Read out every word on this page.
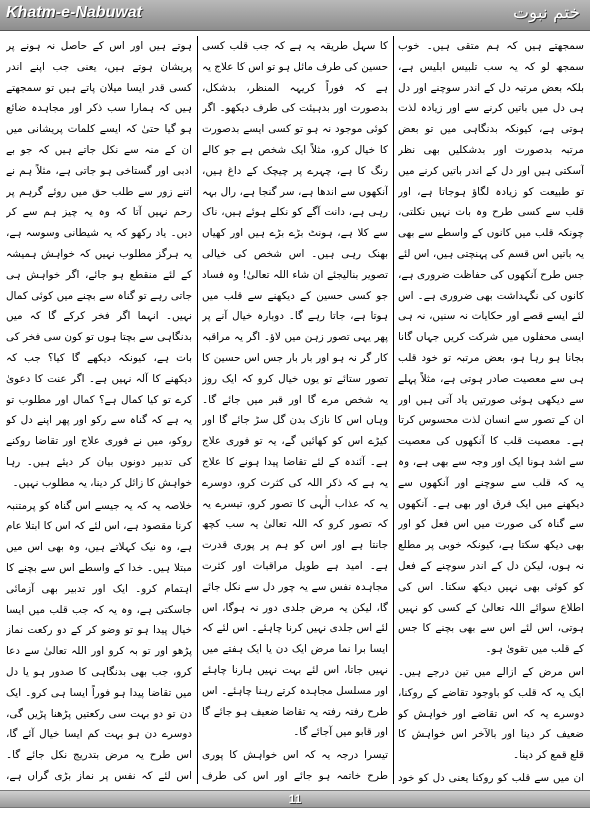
Khatm-e-Nabuwat	ختم نبوت

سمجھتے ہیں کہ ہم متقی ہیں۔ خوب سمجھ لو کہ یہ سب تلبیس ابلیس ہے، بلکہ بعض مرتبہ دل کے اندر سوچنے اور دل ہی دل میں باتیں کرنے سے اور زیادہ لذت ہوتی ہے، کیونکہ بدنگاہی میں تو بعض مرتبہ بدصورت اور بدشکلیں بھی نظر آسکتی ہیں اور دل کے اندر باتیں کرنے میں تو طبیعت کو زیادہ لگاؤ ہوجاتا ہے، اور قلب سے کسی طرح وہ بات نہیں نکلتی، چونکہ قلب میں کانوں کے واسطے سے بھی یہ باتیں اس قسم کی پہنچتی ہیں، اس لئے جس طرح آنکھوں کی حفاظت ضروری ہے، کانوں کی نگہداشت بھی ضروری ہے۔ اس لئے ایسے قصے اور حکایات نہ سنیں، نہ ہی ایسی محفلوں میں شرکت کریں جہاں گانا بجانا ہو رہا ہو، بعض مرتبہ تو خود قلب ہی سے معصیت صادر ہوتی ہے، مثلاً پہلے سے دیکھی ہوئی صورتیں یاد آتی ہیں اور ان کے تصور سے انسان لذت محسوس کرتا ہے۔ معصیت قلب کا آنکھوں کی معصیت سے اشد ہونا ایک اور وجہ سے بھی ہے، وہ یہ کہ قلب سے سوچنے اور آنکھوں سے دیکھنے میں ایک فرق اور بھی ہے۔ آنکھوں سے گناہ کی صورت میں اس فعل کو اور بھی دیکھ سکتا ہے، کیونکہ خوبی پر مطلع نہ ہوں، لیکن دل کے اندر سوچنے کے فعل کو کوئی بھی نہیں دیکھ سکتا۔ اس کی اطلاع سوائے اللہ تعالیٰ کے کسی کو نہیں ہوتی، اس لئے اس سے بھی بچنے کا جس کے قلب میں تقویٰ ہو۔

اس مرض کے ازالے میں تین درجے ہیں۔ ایک یہ کہ قلب کو باوجود تقاضے کے روکنا، دوسرے یہ کہ اس تقاضے اور خواہش کو ضعیف کر دینا اور بالآخر اس خواہش کا قلع قمع کر دینا۔

ان میں سے قلب کو روکنا یعنی دل کو خود

کا سہل طریقہ یہ ہے کہ جب قلب کسی حسین کی طرف مائل ہو تو اس کا علاج یہ ہے کہ فوراً کریہہ المنظر، بدشکل، بدصورت اور بدہیئت کی طرف دیکھو۔ اگر کوئی موجود نہ ہو تو کسی ایسے بدصورت کا خیال کرو، مثلاً ایک شخص ہے جو کالے رنگ کا ہے، چہرے پر چیچک کے داغ ہیں، آنکھوں سے اندھا ہے، سر گنجا ہے، رال بہہ رہی ہے، دانت آگے کو نکلے ہوئے ہیں، ناک سے کلا ہے، ہونٹ بڑے بڑے ہیں اور کھیاں بھنک رہی ہیں۔ اس شخص کی خیالی تصویر بنالیجئے ان شاء اللہ تعالیٰ! وہ فساد جو کسی حسین کے دیکھنے سے قلب میں ہوتا ہے، جاتا رہے گا۔ دوبارہ خیال آنے پر پھر یہی تصور زہن میں لاؤ۔ اگر یہ مراقبہ کار گر نہ ہو اور بار بار جس اس حسین کا تصور ستائے تو یوں خیال کرو کہ ایک روز یہ شخص مرے گا اور قبر میں جائے گا۔ وہاں اس کا نازک بدن گل سڑ جائے گا اور کیڑے اس کو کھائیں گے، یہ تو فوری علاج ہے۔ آئندہ کے لئے تقاضا پیدا ہونے کا علاج یہ ہے کہ ذکر اللہ کی کثرت کرو، دوسرے یہ کہ عذاب الٰہی کا تصور کرو، تیسرے یہ کہ تصور کرو کہ اللہ تعالیٰ یہ سب کچھ جانتا ہے اور اس کو ہم پر پوری قدرت ہے۔ امید ہے طویل مراقبات اور کثرت مجاہدہ نفس سے یہ چور دل سے نکل جائے گا، لیکن یہ مرض جلدی دور نہ ہوگا، اس لئے اس جلدی نہیں کرنا چاہئے۔ اس لئے کہ ایسا برا نما مرض ایک دن یا ایک ہفتے میں نہیں جاتا، اس لئے بہت نہیں ہارنا چاہئے اور مسلسل مجاہدہ کرتے رہنا چاہئے۔ اس طرح رفتہ رفتہ یہ تقاضا ضعیف ہو جائے گا اور قابو میں آجائے گا۔

تیسرا درجہ یہ کہ اس خواہش کا پوری طرح خاتمہ ہو جائے اور اس کی طرف

ہوتے ہیں اور اس کے حاصل نہ ہونے پر پریشان ہوتے ہیں، یعنی جب اپنے اندر کسی قدر ایسا میلان پاتے ہیں تو سمجھتے ہیں کہ ہمارا سب ذکر اور مجاہدہ ضائع ہو گیا حتیٰ کہ ایسے کلمات پریشانی میں ان کے منہ سے نکل جاتے ہیں کہ جو بے ادبی اور گستاخی ہو جاتی ہے، مثلاً ہم نے اتنے زور سے طلب حق میں روئے گرہم پر رحم نہیں آتا کہ وہ یہ چیز ہم سے کر دیں۔ یاد رکھو کہ یہ شیطانی وسوسہ ہے، یہ ہرگز مطلوب نہیں کہ خواہش ہمیشہ کے لئے منقطع ہو جائے، اگر خواہش ہی جاتی رہے تو گناہ سے بچنے میں کوئی کمال نہیں۔ انہما اگر فخر کرکے گا کہ میں بدنگاہی سے بچتا ہوں تو کون سی فخر کی بات ہے، کیونکہ دیکھے گا کیا؟ جب کہ دیکھنے کا آلہ نہیں ہے۔ اگر عنت کا دعویٰ کرے تو کیا کمال ہے؟ کمال اور مطلوب تو یہ ہے کہ گناہ سے رکو اور پھر اپنے دل کو روکو، میں نے فوری علاج اور تقاضا روکنے کی تدبیر دونوں بیان کر دیئے ہیں۔ رہا خواہش کا زائل کر دینا، یہ مطلوب نہیں۔

خلاصہ یہ کہ یہ جیسے اس گناہ کو پرمتنبہ کرنا مقصود ہے، اس لئے کہ اس کا ابتلا عام ہے، وہ نیک کہلاتے ہیں، وہ بھی اس میں مبتلا ہیں۔ خدا کے واسطے اس سے بچنے کا اہتمام کرو۔ ایک اور تدبیر بھی آزمائی جاسکتی ہے، وہ یہ کہ جب قلب میں ایسا خیال پیدا ہو تو وضو کر کے دو رکعت نماز پڑھو اور تو بہ کرو اور اللہ تعالیٰ سے دعا کرو، جب بھی بدنگاہی کا صدور ہو یا دل میں تقاضا پیدا ہو فوراً ایسا ہی کرو۔ ایک دن تو دو بہت سی رکعتیں پڑھنا پڑیں گی، دوسرے دن ہو بہت کم ایسا خیال آئے گا، اس طرح یہ مرض بتدریج نکل جائے گا۔ اس لئے کہ نفس پر نماز بڑی گراں ہے،

11
